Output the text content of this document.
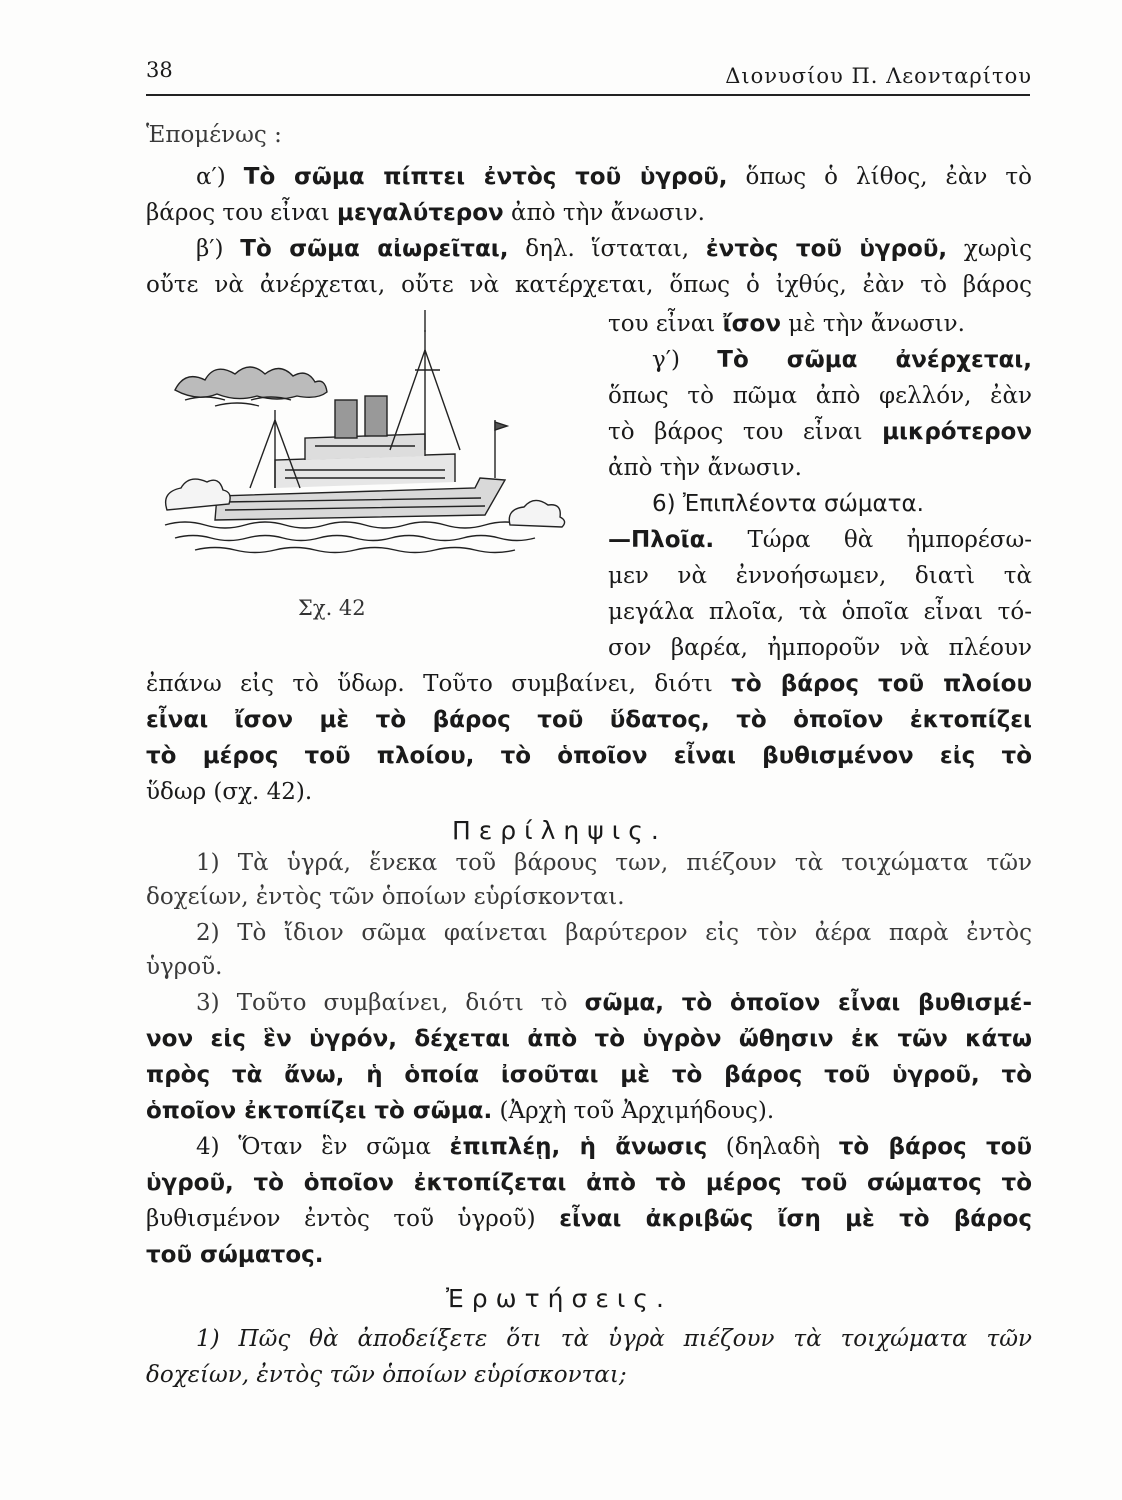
38	Διονυσίου Π. Λεονταρίτου
Ἑπομένως :
α′) Τὸ σῶμα πίπτει ἐντὸς τοῦ ὑγροῦ, ὅπως ὁ λίθος, ἐὰν τὸ
βάρος του εἶναι μεγαλύτερον ἀπὸ τὴν ἄνωσιν.
β′) Τὸ σῶμα αἰωρεῖται, δηλ. ἵσταται, ἐντὸς τοῦ ὑγροῦ, χωρὶς
οὔτε νὰ ἀνέρχεται, οὔτε νὰ κατέρχεται, ὅπως ὁ ἰχθύς, ἐὰν τὸ βάρος
του εἶναι ἴσον μὲ τὴν ἄνωσιν.
γ′) Τὸ σῶμα ἀνέρχεται,
ὅπως τὸ πῶμα ἀπὸ φελλόν, ἐὰν
τὸ βάρος του εἶναι μικρότερον
ἀπὸ τὴν ἄνωσιν.
6) Ἐπιπλέοντα σώματα.
—Πλοῖα. Τώρα θὰ ἠμπορέσω-
μεν νὰ ἐννοήσωμεν, διατὶ τὰ
μεγάλα πλοῖα, τὰ ὁποῖα εἶναι τό-
σον βαρέα, ἠμποροῦν νὰ πλέουν
ἐπάνω εἰς τὸ ὕδωρ. Τοῦτο συμβαίνει, διότι τὸ βάρος τοῦ πλοίου
εἶναι ἴσον μὲ τὸ βάρος τοῦ ὕδατος, τὸ ὁποῖον ἐκτοπίζει
τὸ μέρος τοῦ πλοίου, τὸ ὁποῖον εἶναι βυθισμένον εἰς τὸ
ὕδωρ (σχ. 42).
Σχ. 42
Περίληψις.
1) Τὰ ὑγρά, ἕνεκα τοῦ βάρους των, πιέζουν τὰ τοιχώματα τῶν
δοχείων, ἐντὸς τῶν ὁποίων εὑρίσκονται.
2) Τὸ ἴδιον σῶμα φαίνεται βαρύτερον εἰς τὸν ἀέρα παρὰ ἐντὸς
ὑγροῦ.
3) Τοῦτο συμβαίνει, διότι τὸ σῶμα, τὸ ὁποῖον εἶναι βυθισμέ-
νον εἰς ἓν ὑγρόν, δέχεται ἀπὸ τὸ ὑγρὸν ὤθησιν ἐκ τῶν κάτω
πρὸς τὰ ἄνω, ἡ ὁποία ἰσοῦται μὲ τὸ βάρος τοῦ ὑγροῦ, τὸ
ὁποῖον ἐκτοπίζει τὸ σῶμα. (Ἀρχὴ τοῦ Ἀρχιμήδους).
4) Ὅταν ἓν σῶμα ἐπιπλέῃ, ἡ ἄνωσις (δηλαδὴ τὸ βάρος τοῦ
ὑγροῦ, τὸ ὁποῖον ἐκτοπίζεται ἀπὸ τὸ μέρος τοῦ σώματος τὸ
βυθισμένον ἐντὸς τοῦ ὑγροῦ) εἶναι ἀκριβῶς ἴση μὲ τὸ βάρος
τοῦ σώματος.
Ἐρωτήσεις.
1) Πῶς θὰ ἀποδείξετε ὅτι τὰ ὑγρὰ πιέζουν τὰ τοιχώματα τῶν
δοχείων, ἐντὸς τῶν ὁποίων εὑρίσκονται;
